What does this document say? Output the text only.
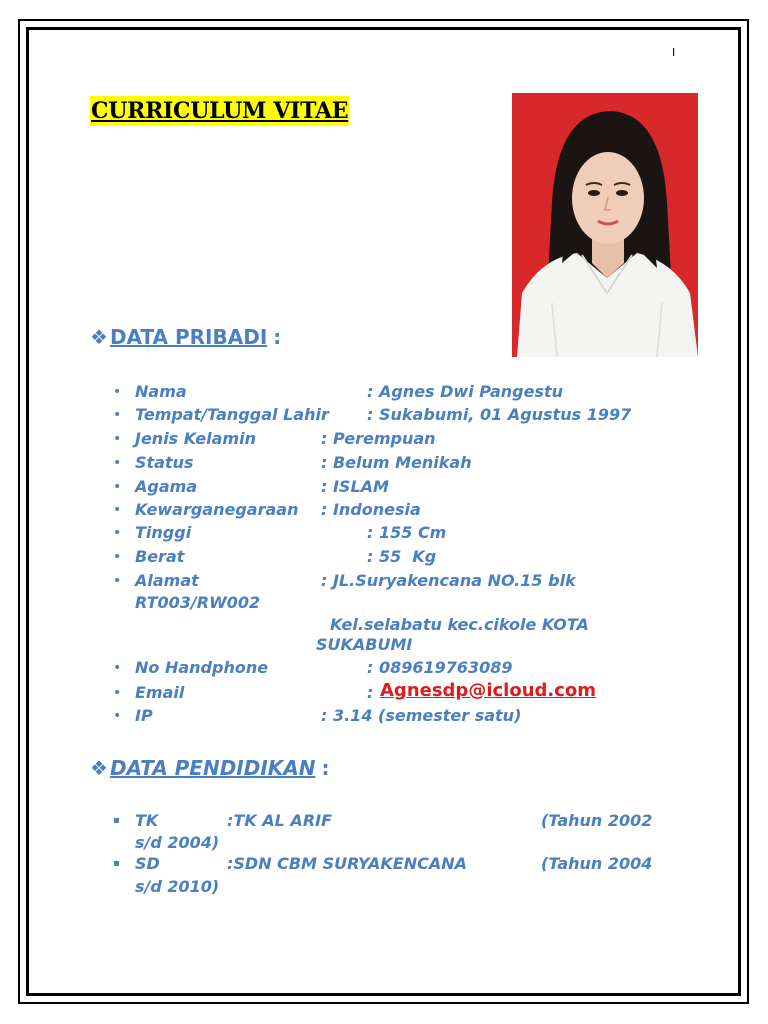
I
CURRICULUM VITAE
❖ DATA PRIBADI :
• Nama	: Agnes Dwi Pangestu
• Tempat/Tanggal Lahir : Sukabumi, 01 Agustus 1997
• Jenis Kelamin	: Perempuan
• Status	: Belum Menikah
• Agama	: ISLAM
• Kewarganegaraan : Indonesia
• Tinggi	: 155 Cm
• Berat	: 55  Kg
• Alamat	: JL.Suryakencana NO.15 blk
RT003/RW002
Kel.selabatu kec.cikole KOTA
SUKABUMI
• No Handphone	: 089619763089
• Email	: Agnesdp@icloud.com
• IP	: 3.14 (semester satu)
❖ DATA PENDIDIKAN :
▪ TK	:TK AL ARIF	(Tahun 2002
s/d 2004)
▪ SD	:SDN CBM SURYAKENCANA	(Tahun 2004
s/d 2010)
